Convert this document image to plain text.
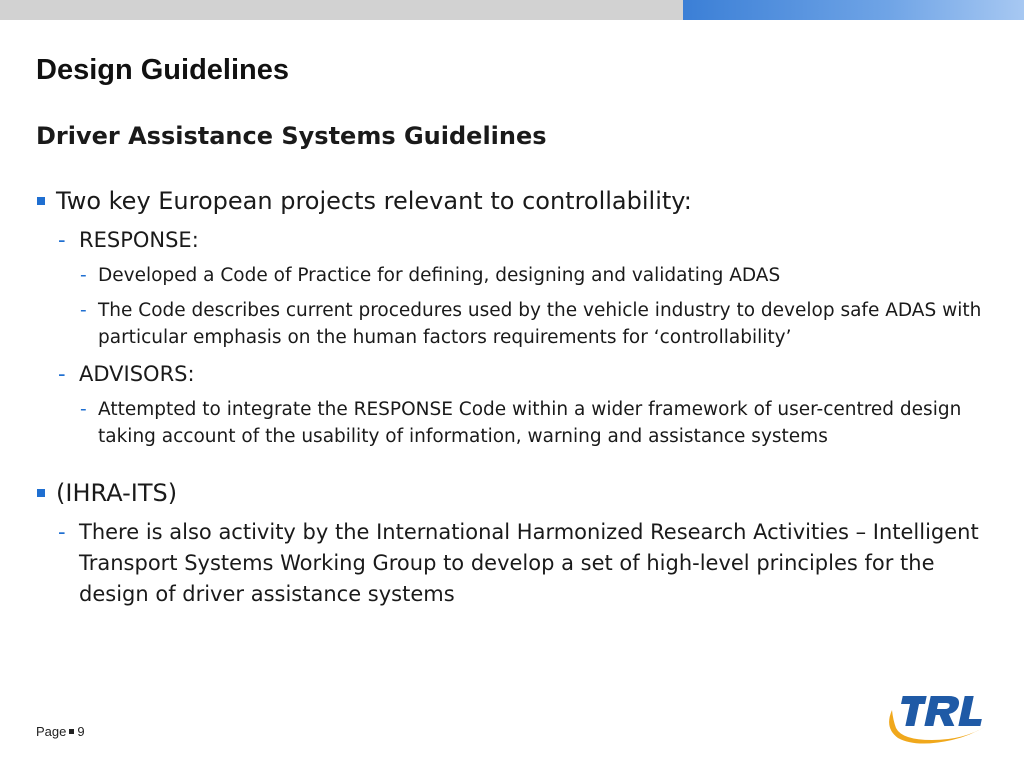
Design Guidelines
Driver Assistance Systems Guidelines
Two key European projects relevant to controllability:
- RESPONSE:
- Developed a Code of Practice for defining, designing and validating ADAS
- The Code describes current procedures used by the vehicle industry to develop safe ADAS with particular emphasis on the human factors requirements for ‘controllability’
- ADVISORS:
- Attempted to integrate the RESPONSE Code within a wider framework of user-centred design taking account of the usability of information, warning and assistance systems
(IHRA-ITS)
- There is also activity by the International Harmonized Research Activities – Intelligent Transport Systems Working Group to develop a set of high-level principles for the design of driver assistance systems
Page 9
